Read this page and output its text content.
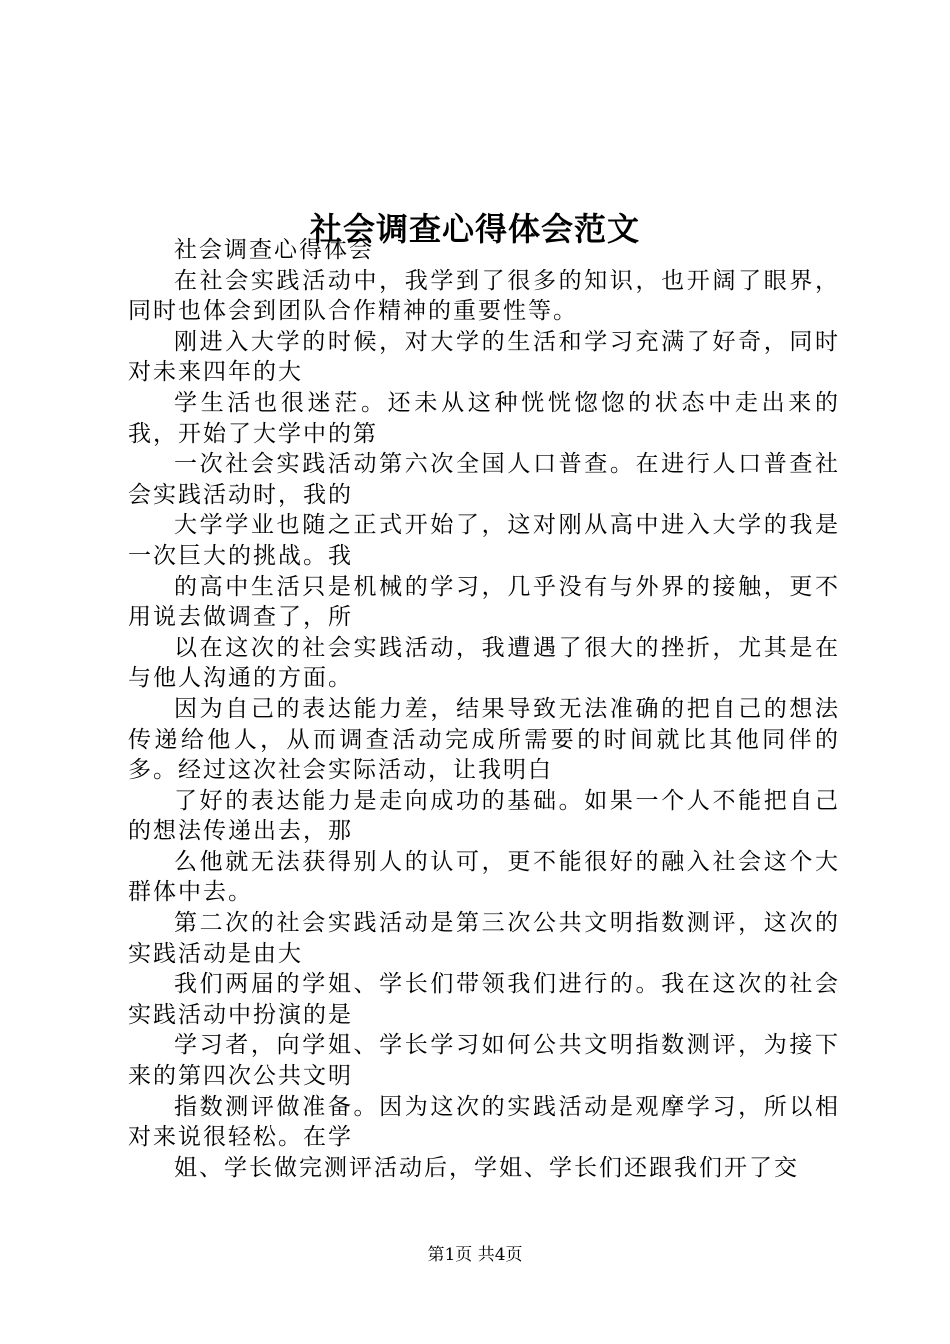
社会调查心得体会范文

社会调查心得体会

在社会实践活动中，我学到了很多的知识，也开阔了眼界，同时也体会到团队合作精神的重要性等。

刚进入大学的时候，对大学的生活和学习充满了好奇，同时对未来四年的大

学生活也很迷茫。还未从这种恍恍惚惚的状态中走出来的我，开始了大学中的第

一次社会实践活动第六次全国人口普查。在进行人口普查社会实践活动时，我的

大学学业也随之正式开始了，这对刚从高中进入大学的我是一次巨大的挑战。我

的高中生活只是机械的学习，几乎没有与外界的接触，更不用说去做调查了，所

以在这次的社会实践活动，我遭遇了很大的挫折，尤其是在与他人沟通的方面。

因为自己的表达能力差，结果导致无法准确的把自己的想法传递给他人，从而调查活动完成所需要的时间就比其他同伴的多。经过这次社会实际活动，让我明白

了好的表达能力是走向成功的基础。如果一个人不能把自己的想法传递出去，那

么他就无法获得别人的认可，更不能很好的融入社会这个大群体中去。

第二次的社会实践活动是第三次公共文明指数测评，这次的实践活动是由大

我们两届的学姐、学长们带领我们进行的。我在这次的社会实践活动中扮演的是

学习者，向学姐、学长学习如何公共文明指数测评，为接下来的第四次公共文明

指数测评做准备。因为这次的实践活动是观摩学习，所以相对来说很轻松。在学

姐、学长做完测评活动后，学姐、学长们还跟我们开了交

第1页 共4页
